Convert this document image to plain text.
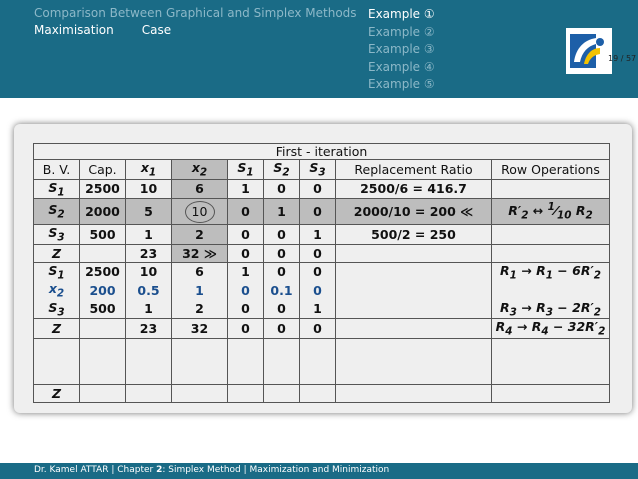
Comparison Between Graphical and Simplex Methods
Maximisation Case
Example ①
Example ②
Example ③
Example ④
Example ⑤
19 / 57
First - iteration								
B. V.	Cap.	$x_1$	$x_2$	$S_1$	$S_2$	$S_3$	Replacement Ratio	Row Operations
$S_1$	2500	10	6	1	0	0	2500/6 = 416.7	
$S_2$	2000	5	10	0	1	0	2000/10 = 200 ≪	$R'_2$ ↔ $^1⁄_{10}$ $R_2$
$S_3$	500	1	2	0	0	1	500/2 = 250	
Z		23	32 ≫	0	0	0		
$S_1$	2500	10	6	1	0	0		$R_1 \to R_1 - 6R'_2$
$x_2$	200	0.5	1	0	0.1	0		
$S_3$	500	1	2	0	0	1		$R_3 \to R_3 - 2R'_2$
Z		23	32	0	0	0		$R_4 \to R_4 - 32R'_2$

Z								
Dr. Kamel ATTAR | Chapter 2: Simplex Method | Maximization and Minimization
